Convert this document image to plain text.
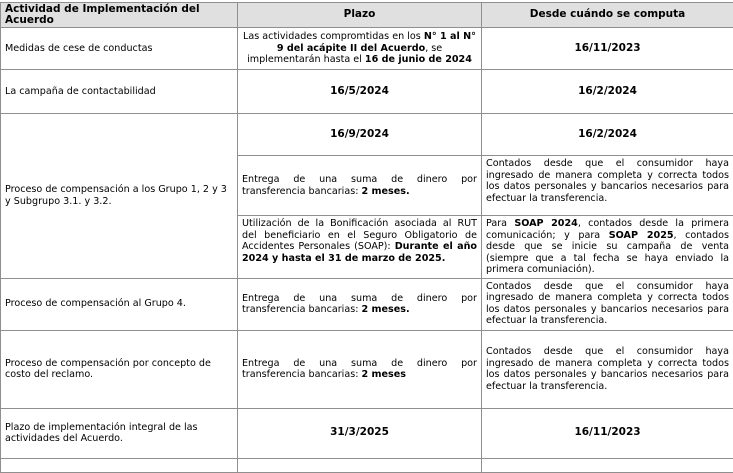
Actividad de Implementación del Acuerdo	Plazo	Desde cuándo se computa
Medidas de cese de conductas	Las actividades compromtidas en los N° 1 al N° 9 del acápite II del Acuerdo, se implementarán hasta el 16 de junio de 2024	16/11/2023
La campaña de contactabilidad	16/5/2024	16/2/2024
Proceso de compensación a los Grupo 1, 2 y 3 y Subgrupo 3.1. y 3.2.	16/9/2024	16/2/2024
	Entrega de una suma de dinero por transferencia bancarias: 2 meses.	Contados desde que el consumidor haya ingresado de manera completa y correcta todos los datos personales y bancarios necesarios para efectuar la transferencia.
	Utilización de la Bonificación asociada al RUT del beneficiario en el Seguro Obligatorio de Accidentes Personales (SOAP): Durante el año 2024 y hasta el 31 de marzo de 2025.	Para SOAP 2024, contados desde la primera comunicación; y para SOAP 2025, contados desde que se inicie su campaña de venta (siempre que a tal fecha se haya enviado la primera comuniación).
Proceso de compensación al Grupo 4.	Entrega de una suma de dinero por transferencia bancarias: 2 meses.	Contados desde que el consumidor haya ingresado de manera completa y correcta todos los datos personales y bancarios necesarios para efectuar la transferencia.
Proceso de compensación por concepto de costo del reclamo.	Entrega de una suma de dinero por transferencia bancarias: 2 meses	Contados desde que el consumidor haya ingresado de manera completa y correcta todos los datos personales y bancarios necesarios para efectuar la transferencia.
Plazo de implementación integral de las actividades del Acuerdo.	31/3/2025	16/11/2023
